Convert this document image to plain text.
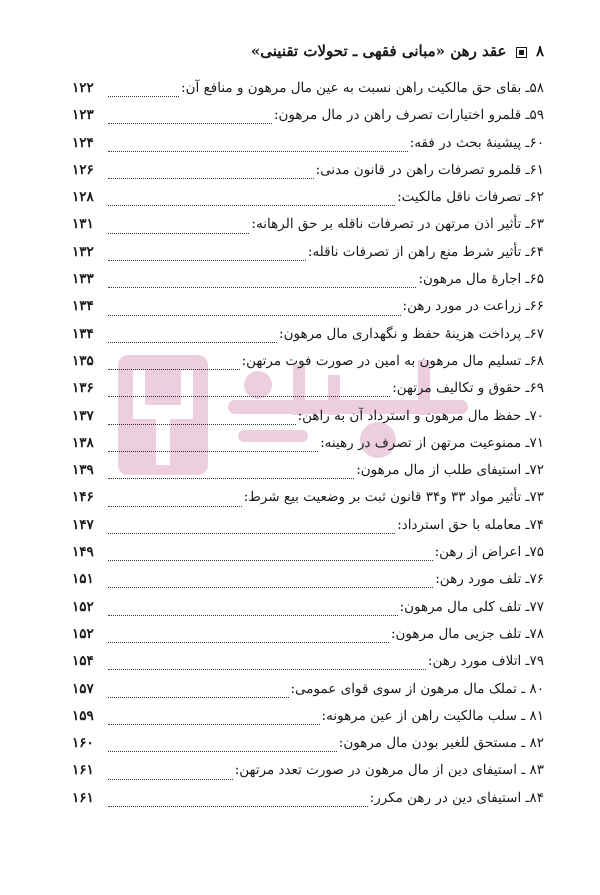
۸  عقد رهن «مبانی فقهی ـ تحولات تقنینی»
۵۸ـ بقای حق مالکیت راهن نسبت به عین مال مرهون و منافع آن:
۱۲۲
۵۹ـ قلمرو اختیارات تصرف راهن در مال مرهون:
۱۲۳
۶۰ـ پیشینۀ بحث در فقه:
۱۲۴
۶۱ـ قلمرو تصرفات راهن در قانون مدنی:
۱۲۶
۶۲ـ تصرفات ناقل مالکیت:
۱۲۸
۶۳ـ تأثیر اذن مرتهن در تصرفات ناقله بر حق الرهانه:
۱۳۱
۶۴ـ تأثیر شرط منع راهن از تصرفات ناقله:
۱۳۲
۶۵ـ اجارۀ مال مرهون:
۱۳۳
۶۶ـ زراعت در مورد رهن:
۱۳۴
۶۷ـ پرداخت هزینۀ حفظ و نگهداری مال مرهون:
۱۳۴
۶۸ـ تسلیم مال مرهون به امین در صورت فوت مرتهن:
۱۳۵
۶۹ـ حقوق و تکالیف مرتهن:
۱۳۶
۷۰ـ حفظ مال مرهون و استرداد آن به راهن:
۱۳۷
۷۱ـ ممنوعیت مرتهن از تصرف در رهینه:
۱۳۸
۷۲ـ استیفای طلب از مال مرهون:
۱۳۹
۷۳ـ تأثیر مواد ۳۳ و۳۴ قانون ثبت بر وضعیت بیع شرط:
۱۴۶
۷۴ـ معامله با حق استرداد:
۱۴۷
۷۵ـ اعراض از رهن:
۱۴۹
۷۶ـ تلف مورد رهن:
۱۵۱
۷۷ـ تلف کلی مال مرهون:
۱۵۲
۷۸ـ تلف جزیی مال مرهون:
۱۵۲
۷۹ـ اتلاف مورد رهن:
۱۵۴
۸۰ ـ تملک مال مرهون از سوی قوای عمومی:
۱۵۷
۸۱ ـ سلب مالکیت راهن از عین مرهونه:
۱۵۹
۸۲ ـ مستحق للغیر بودن مال مرهون:
۱۶۰
۸۳ ـ استیفای دین از مال مرهون در صورت تعدد مرتهن:
۱۶۱
۸۴ـ استیفای دین در رهن مکرر:
۱۶۱
